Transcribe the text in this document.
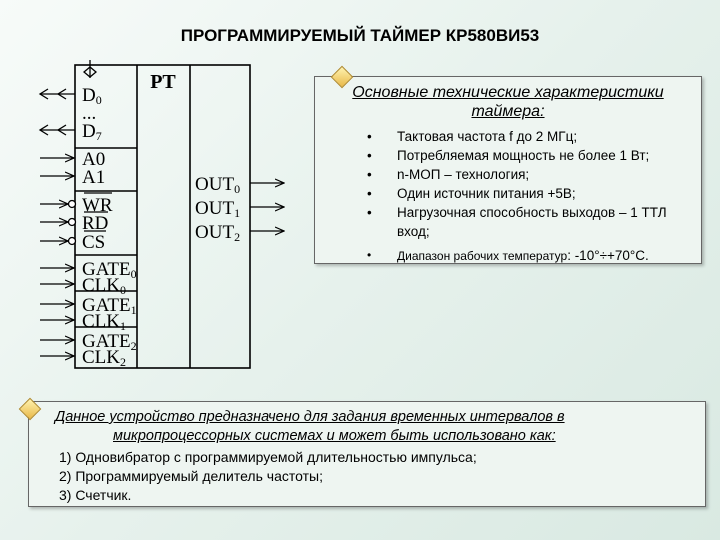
ПРОГРАММИРУЕМЫЙ ТАЙМЕР КР580ВИ53
PT
D0
...
D7
A0
A1
WR
RD
CS
GATE0
CLK0
GATE1
CLK1
GATE2
CLK2
OUT0
OUT1
OUT2
Основные технические характеристики
таймера:
• Тактовая частота f до 2 МГц;
• Потребляемая мощность не более 1 Вт;
• n-МОП – технология;
• Один источник питания +5В;
• Нагрузочная способность выходов – 1 ТТЛ вход;
• Диапазон рабочих температур: -10°÷+70°С.
Данное устройство предназначено для задания временных интервалов в
микропроцессорных системах и может быть использовано как:
1) Одновибратор с программируемой длительностью импульса;
2) Программируемый делитель частоты;
3) Счетчик.
